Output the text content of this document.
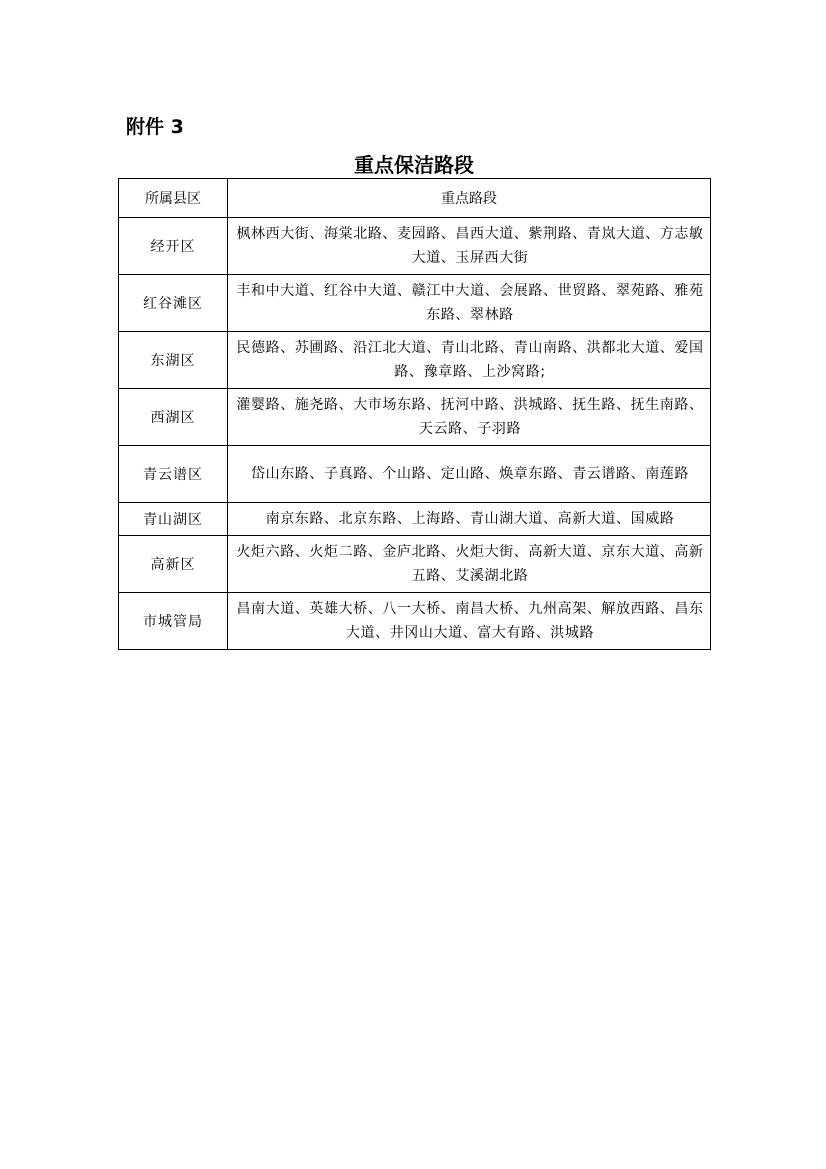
附件 3
重点保洁路段
所属县区	重点路段
经开区	枫林西大街、海棠北路、麦园路、昌西大道、紫荆路、青岚大道、方志敏大道、玉屏西大街
红谷滩区	丰和中大道、红谷中大道、赣江中大道、会展路、世贸路、翠苑路、雅苑东路、翠林路
东湖区	民德路、苏圃路、沿江北大道、青山北路、青山南路、洪都北大道、爱国路、豫章路、上沙窝路;
西湖区	灌婴路、施尧路、大市场东路、抚河中路、洪城路、抚生路、抚生南路、天云路、子羽路
青云谱区	岱山东路、子真路、个山路、定山路、焕章东路、青云谱路、南莲路
青山湖区	南京东路、北京东路、上海路、青山湖大道、高新大道、国威路
高新区	火炬六路、火炬二路、金庐北路、火炬大街、高新大道、京东大道、高新五路、艾溪湖北路
市城管局	昌南大道、英雄大桥、八一大桥、南昌大桥、九州高架、解放西路、昌东大道、井冈山大道、富大有路、洪城路
